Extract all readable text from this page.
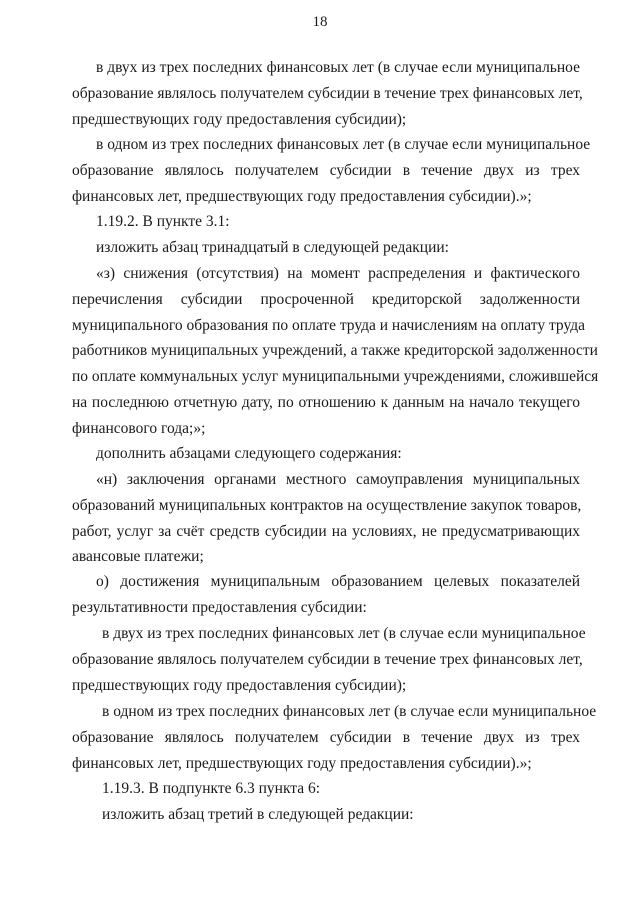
18
в двух из трех последних финансовых лет (в случае если муниципальное
образование являлось получателем субсидии в течение трех финансовых лет,
предшествующих году предоставления субсидии);
в одном из трех последних финансовых лет (в случае если муниципальное
образование являлось получателем субсидии в течение двух из трех
финансовых лет, предшествующих году предоставления субсидии).»;
1.19.2. В пункте 3.1:
изложить абзац тринадцатый в следующей редакции:
«з) снижения (отсутствия) на момент распределения и фактического
перечисления субсидии просроченной кредиторской задолженности
муниципального образования по оплате труда и начислениям на оплату труда
работников муниципальных учреждений, а также кредиторской задолженности
по оплате коммунальных услуг муниципальными учреждениями, сложившейся
на последнюю отчетную дату, по отношению к данным на начало текущего
финансового года;»;
дополнить абзацами следующего содержания:
«н) заключения органами местного самоуправления муниципальных
образований муниципальных контрактов на осуществление закупок товаров,
работ, услуг за счёт средств субсидии на условиях, не предусматривающих
авансовые платежи;
о) достижения муниципальным образованием целевых показателей
результативности предоставления субсидии:
в двух из трех последних финансовых лет (в случае если муниципальное
образование являлось получателем субсидии в течение трех финансовых лет,
предшествующих году предоставления субсидии);
в одном из трех последних финансовых лет (в случае если муниципальное
образование являлось получателем субсидии в течение двух из трех
финансовых лет, предшествующих году предоставления субсидии).»;
1.19.3. В подпункте 6.3 пункта 6:
изложить абзац третий в следующей редакции:
